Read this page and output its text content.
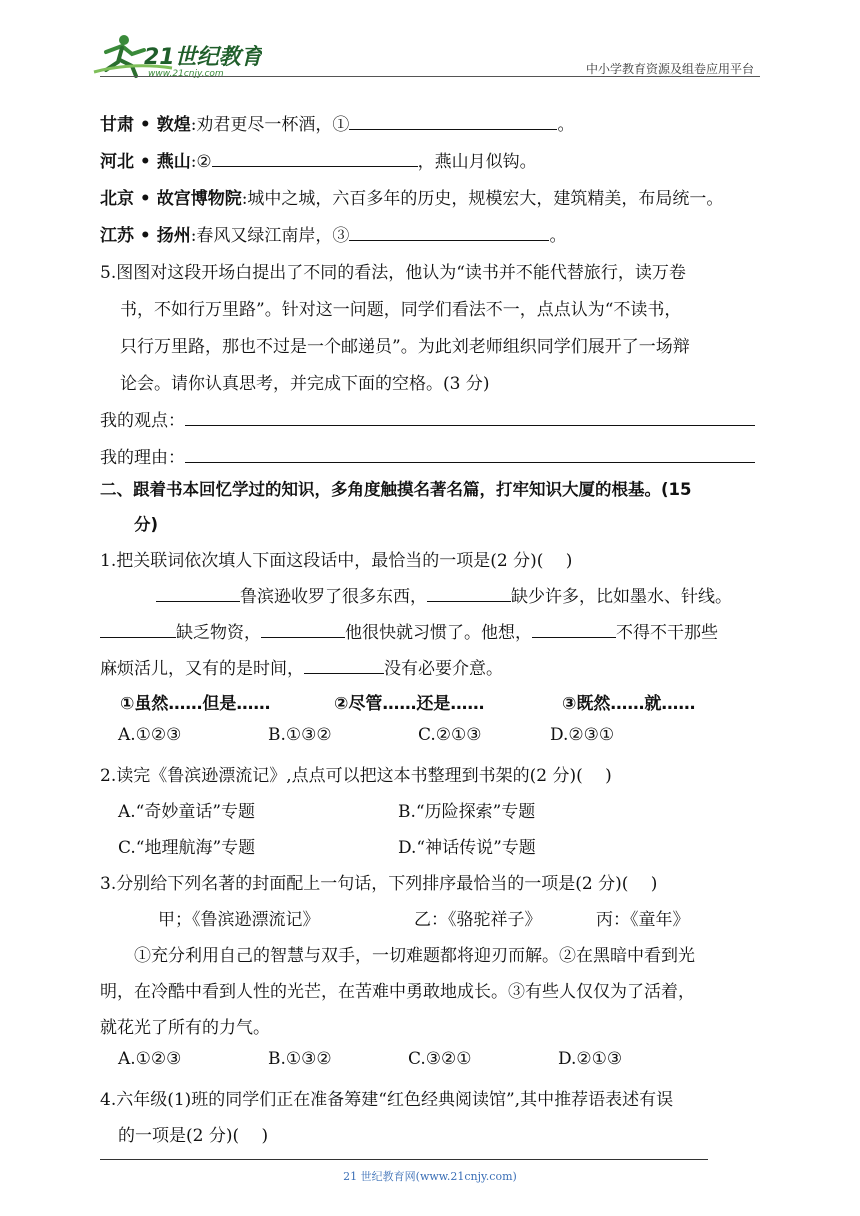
21世纪教育
www.21cnjy.com	中小学教育资源及组卷应用平台
甘肃 • 敦煌:劝君更尽一杯酒，①	。
河北 • 燕山:②	，燕山月似钩。
北京 • 故宫博物院:城中之城，六百多年的历史，规模宏大，建筑精美，布局统一。
江苏 • 扬州:春风又绿江南岸，③	。
5.图图对这段开场白提出了不同的看法，他认为“读书并不能代替旅行，读万卷
书，不如行万里路”。针对这一问题，同学们看法不一，点点认为“不读书，
只行万里路，那也不过是一个邮递员”。为此刘老师组织同学们展开了一场辩
论会。请你认真思考，并完成下面的空格。(3 分)
我的观点：
我的理由：
二、跟着书本回忆学过的知识，多角度触摸名著名篇，打牢知识大厦的根基。(15
分)
1.把关联词依次填人下面这段话中，最恰当的一项是(2 分)(　 )
鲁滨逊收罗了很多东西，	缺少许多，比如墨水、针线。
缺乏物资，	他很快就习惯了。他想，	不得不干那些
麻烦活儿，又有的是时间，	没有必要介意。
①虽然……但是……	②尽管……还是……	③既然……就……
A.①②③	B.①③②	C.②①③	D.②③①
2.读完《鲁滨逊漂流记》,点点可以把这本书整理到书架的(2 分)(　 )
A.“奇妙童话”专题	B.“历险探索”专题
C.“地理航海”专题	D.“神话传说”专题
3.分别给下列名著的封面配上一句话，下列排序最恰当的一项是(2 分)(　 )
甲；《鲁滨逊漂流记》	乙：《骆驼祥子》	丙：《童年》
①充分利用自己的智慧与双手，一切难题都将迎刃而解。②在黑暗中看到光
明，在冷酷中看到人性的光芒，在苦难中勇敢地成长。③有些人仅仅为了活着，
就花光了所有的力气。
A.①②③	B.①③②	C.③②①	D.②①③
4.六年级(1)班的同学们正在准备筹建“红色经典阅读馆”,其中推荐语表述有误
的一项是(2 分)(　 )
21 世纪教育网(www.21cnjy.com)
